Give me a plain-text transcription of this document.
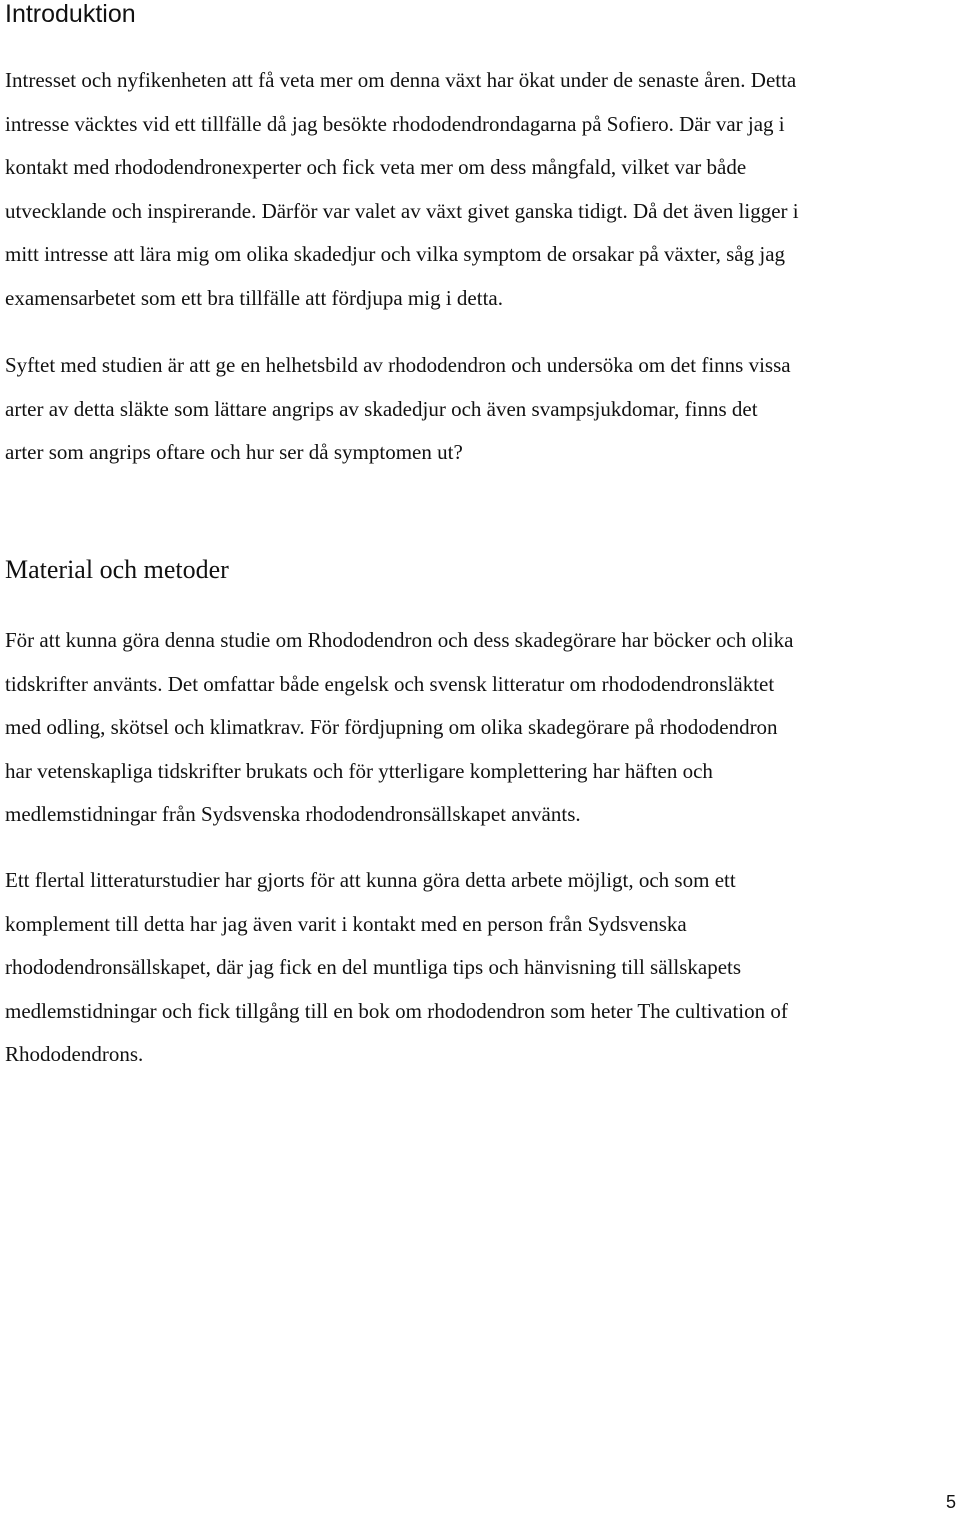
Introduktion

Intresset och nyfikenheten att få veta mer om denna växt har ökat under de senaste åren. Detta
intresse väcktes vid ett tillfälle då jag besökte rhododendrondagarna på Sofiero. Där var jag i
kontakt med rhododendronexperter och fick veta mer om dess mångfald, vilket var både
utvecklande och inspirerande. Därför var valet av växt givet ganska tidigt. Då det även ligger i
mitt intresse att lära mig om olika skadedjur och vilka symptom de orsakar på växter, såg jag
examensarbetet som ett bra tillfälle att fördjupa mig i detta.

Syftet med studien är att ge en helhetsbild av rhododendron och undersöka om det finns vissa
arter av detta släkte som lättare angrips av skadedjur och även svampsjukdomar, finns det
arter som angrips oftare och hur ser då symptomen ut?

Material och metoder

För att kunna göra denna studie om Rhododendron och dess skadegörare har böcker och olika
tidskrifter använts. Det omfattar både engelsk och svensk litteratur om rhododendronsläktet
med odling, skötsel och klimatkrav. För fördjupning om olika skadegörare på rhododendron
har vetenskapliga tidskrifter brukats och för ytterligare komplettering har häften och
medlemstidningar från Sydsvenska rhododendronsällskapet använts.

Ett flertal litteraturstudier har gjorts för att kunna göra detta arbete möjligt, och som ett
komplement till detta har jag även varit i kontakt med en person från Sydsvenska
rhododendronsällskapet, där jag fick en del muntliga tips och hänvisning till sällskapets
medlemstidningar och fick tillgång till en bok om rhododendron som heter The cultivation of
Rhododendrons.

5
